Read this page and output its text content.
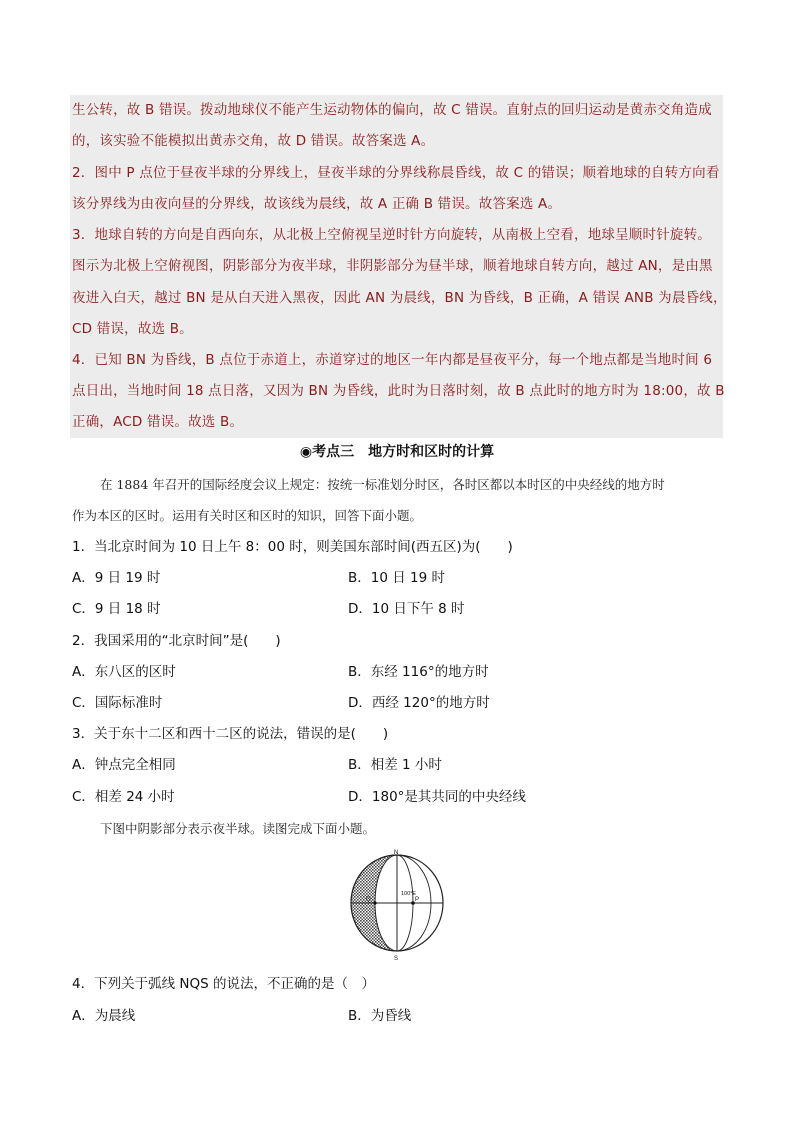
生公转，故 B 错误。拨动地球仪不能产生运动物体的偏向，故 C 错误。直射点的回归运动是黄赤交角造成
的，该实验不能模拟出黄赤交角，故 D 错误。故答案选 A。
2．图中 P 点位于昼夜半球的分界线上，昼夜半球的分界线称晨昏线，故 C 的错误；顺着地球的自转方向看
该分界线为由夜向昼的分界线，故该线为晨线，故 A 正确 B 错误。故答案选 A。
3．地球自转的方向是自西向东，从北极上空俯视呈逆时针方向旋转，从南极上空看，地球呈顺时针旋转。
图示为北极上空俯视图，阴影部分为夜半球，非阴影部分为昼半球，顺着地球自转方向，越过 AN，是由黑
夜进入白天，越过 BN 是从白天进入黑夜，因此 AN 为晨线，BN 为昏线，B 正确，A 错误 ANB 为晨昏线，
CD 错误，故选 B。
4．已知 BN 为昏线，B 点位于赤道上，赤道穿过的地区一年内都是昼夜平分，每一个地点都是当地时间 6
点日出，当地时间 18 点日落，又因为 BN 为昏线，此时为日落时刻，故 B 点此时的地方时为 18:00，故 B
正确，ACD 错误。故选 B。
◉考点三　地方时和区时的计算
在 1884 年召开的国际经度会议上规定：按统一标准划分时区，各时区都以本时区的中央经线的地方时
作为本区的区时。运用有关时区和区时的知识，回答下面小题。
1．当北京时间为 10 日上午 8：00 时，则美国东部时间(西五区)为(　　)
A．9 日 19 时	B．10 日 19 时
C．9 日 18 时	D．10 日下午 8 时
2．我国采用的“北京时间”是(　　)
A．东八区的区时	B．东经 116°的地方时
C．国际标准时	D．西经 120°的地方时
3．关于东十二区和西十二区的说法，错误的是(　　)
A．钟点完全相同	B．相差 1 小时
C．相差 24 小时	D．180°是其共同的中央经线
下图中阴影部分表示夜半球。读图完成下面小题。
N
S
Q	P
100°E
4．下列关于弧线 NQS 的说法，不正确的是（　）
A．为晨线	B．为昏线
